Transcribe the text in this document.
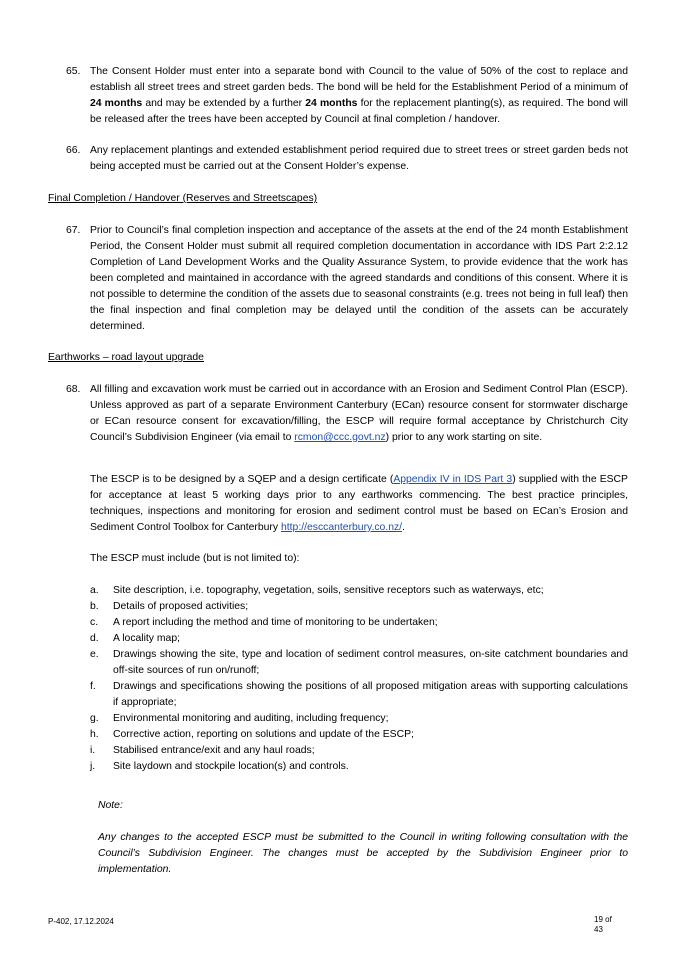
65. The Consent Holder must enter into a separate bond with Council to the value of 50% of the cost to replace and establish all street trees and street garden beds. The bond will be held for the Establishment Period of a minimum of 24 months and may be extended by a further 24 months for the replacement planting(s), as required. The bond will be released after the trees have been accepted by Council at final completion / handover.
66. Any replacement plantings and extended establishment period required due to street trees or street garden beds not being accepted must be carried out at the Consent Holder’s expense.
Final Completion / Handover (Reserves and Streetscapes)
67. Prior to Council’s final completion inspection and acceptance of the assets at the end of the 24 month Establishment Period, the Consent Holder must submit all required completion documentation in accordance with IDS Part 2:2.12 Completion of Land Development Works and the Quality Assurance System, to provide evidence that the work has been completed and maintained in accordance with the agreed standards and conditions of this consent. Where it is not possible to determine the condition of the assets due to seasonal constraints (e.g. trees not being in full leaf) then the final inspection and final completion may be delayed until the condition of the assets can be accurately determined.
Earthworks – road layout upgrade
68. All filling and excavation work must be carried out in accordance with an Erosion and Sediment Control Plan (ESCP). Unless approved as part of a separate Environment Canterbury (ECan) resource consent for stormwater discharge or ECan resource consent for excavation/filling, the ESCP will require formal acceptance by Christchurch City Council’s Subdivision Engineer (via email to rcmon@ccc.govt.nz) prior to any work starting on site.
The ESCP is to be designed by a SQEP and a design certificate (Appendix IV in IDS Part 3) supplied with the ESCP for acceptance at least 5 working days prior to any earthworks commencing. The best practice principles, techniques, inspections and monitoring for erosion and sediment control must be based on ECan’s Erosion and Sediment Control Toolbox for Canterbury http://esccanterbury.co.nz/.
The ESCP must include (but is not limited to):
a. Site description, i.e. topography, vegetation, soils, sensitive receptors such as waterways, etc;
b. Details of proposed activities;
c. A report including the method and time of monitoring to be undertaken;
d. A locality map;
e. Drawings showing the site, type and location of sediment control measures, on-site catchment boundaries and off-site sources of run on/runoff;
f. Drawings and specifications showing the positions of all proposed mitigation areas with supporting calculations if appropriate;
g. Environmental monitoring and auditing, including frequency;
h. Corrective action, reporting on solutions and update of the ESCP;
i. Stabilised entrance/exit and any haul roads;
j. Site laydown and stockpile location(s) and controls.
Note:
Any changes to the accepted ESCP must be submitted to the Council in writing following consultation with the Council’s Subdivision Engineer. The changes must be accepted by the Subdivision Engineer prior to implementation.
P-402, 17.12.2024	19 of
43
